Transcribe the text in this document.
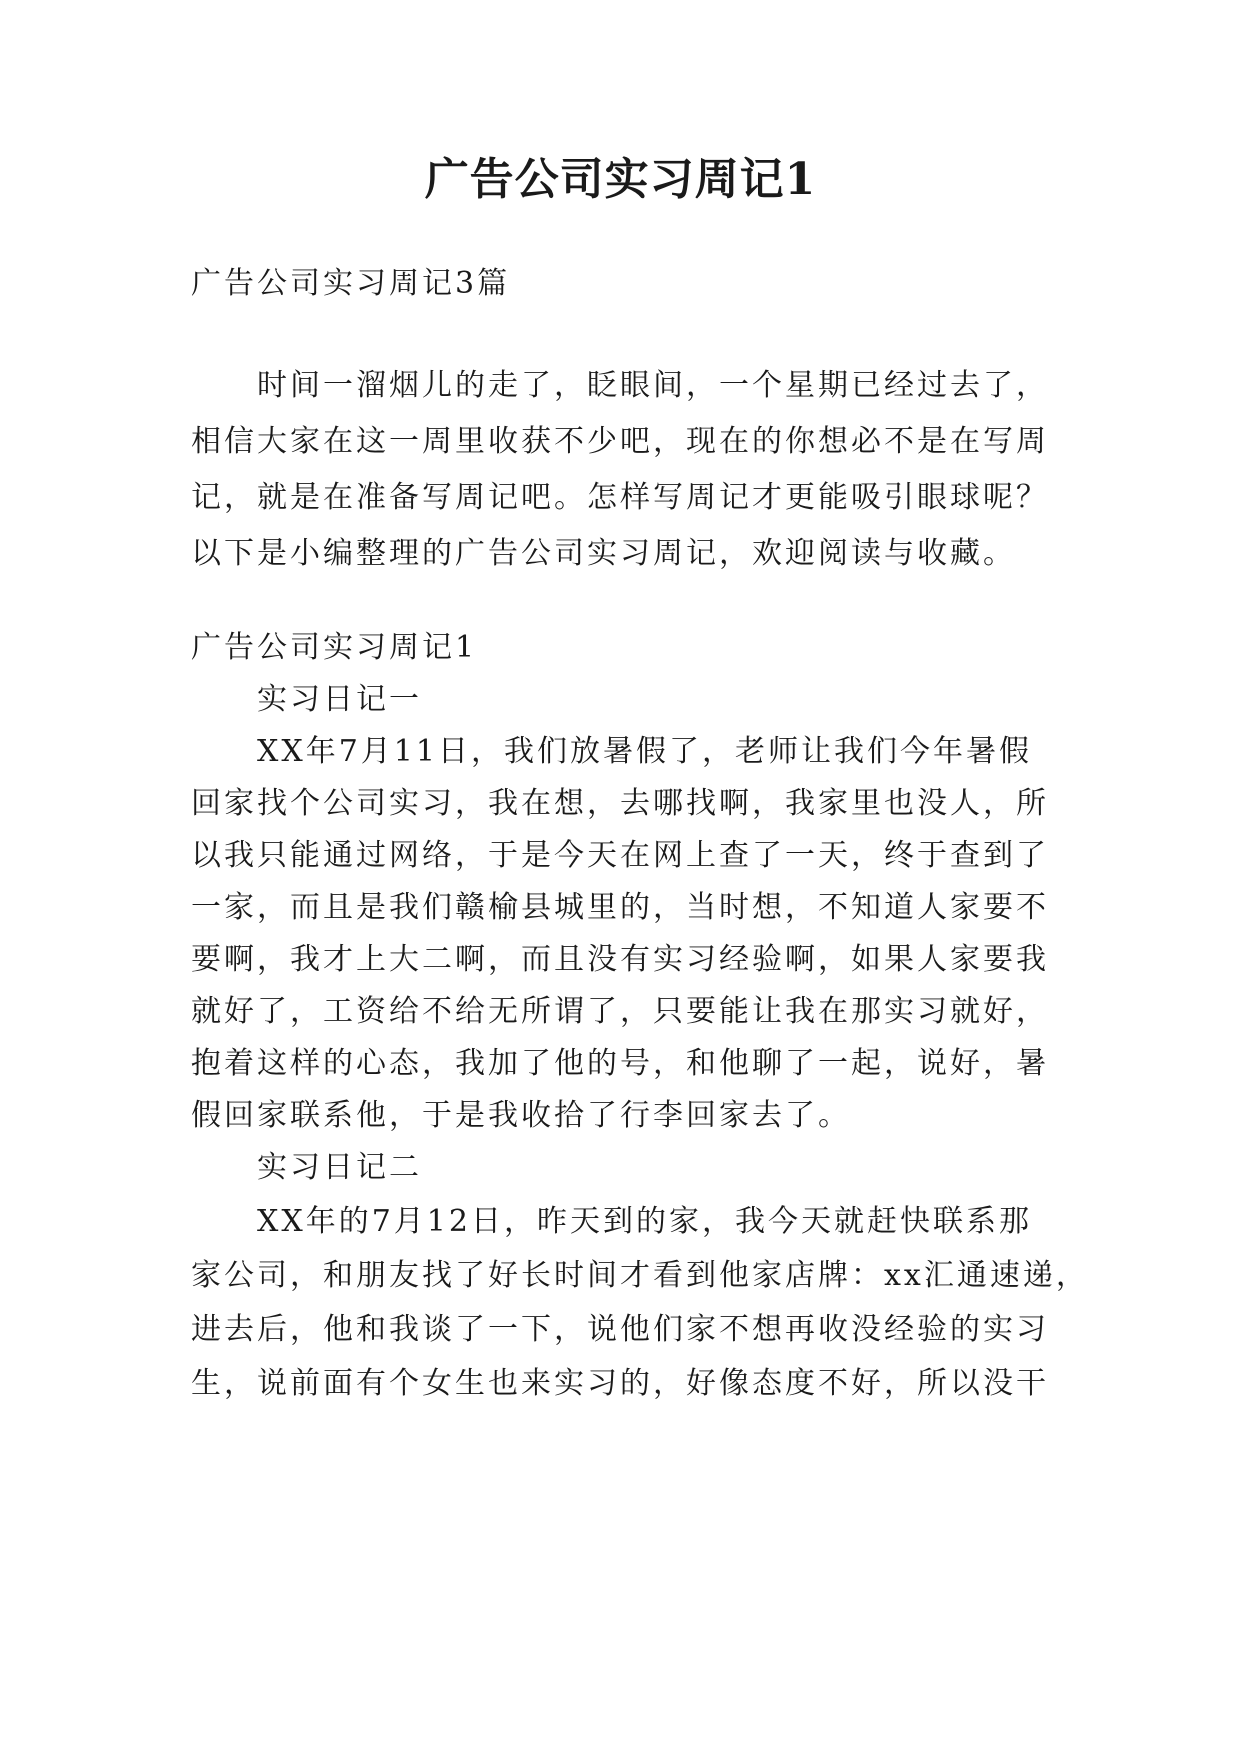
广告公司实习周记1

广告公司实习周记3篇

时间一溜烟儿的走了，眨眼间，一个星期已经过去了，

相信大家在这一周里收获不少吧，现在的你想必不是在写周

记，就是在准备写周记吧。怎样写周记才更能吸引眼球呢？

以下是小编整理的广告公司实习周记，欢迎阅读与收藏。

广告公司实习周记1

实习日记一

XX年7月11日，我们放暑假了，老师让我们今年暑假

回家找个公司实习，我在想，去哪找啊，我家里也没人，所

以我只能通过网络，于是今天在网上查了一天，终于查到了

一家，而且是我们赣榆县城里的，当时想，不知道人家要不

要啊，我才上大二啊，而且没有实习经验啊，如果人家要我

就好了，工资给不给无所谓了，只要能让我在那实习就好，

抱着这样的心态，我加了他的号，和他聊了一起，说好，暑

假回家联系他，于是我收拾了行李回家去了。

实习日记二

XX年的7月12日，昨天到的家，我今天就赶快联系那

家公司，和朋友找了好长时间才看到他家店牌：xx汇通速递，

进去后，他和我谈了一下，说他们家不想再收没经验的实习

生，说前面有个女生也来实习的，好像态度不好，所以没干
